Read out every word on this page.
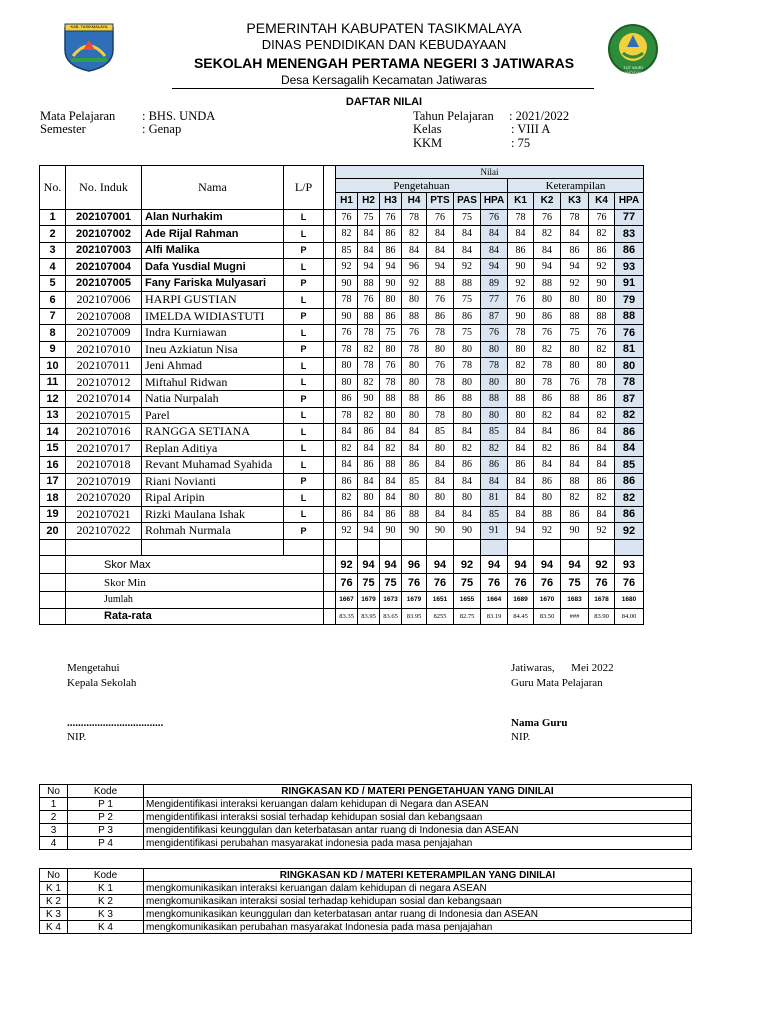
KAB. TASIKMALAYA
TUT WURI HANDAYANI
PEMERINTAH KABUPATEN TASIKMALAYA
DINAS PENDIDIKAN DAN KEBUDAYAAN
SEKOLAH MENENGAH PERTAMA NEGERI 3 JATIWARAS
Desa Kersagalih Kecamatan Jatiwaras
DAFTAR NILAI
Mata Pelajaran : BHS. UNDA
Semester	: Genap
Tahun Pelajaran : 2021/2022
Kelas	: VIII A
KKM	: 75
No.	No. Induk	Nama	L/P		Nilai											
					Pengetahuan							Keterampilan				
					H1	H2	H3	H4	PTS	PAS	HPA	K1	K2	K3	K4	HPA
1	202107001	Alan Nurhakim	L		76	75	76	78	76	75	76	78	76	78	76	77
2	202107002	Ade Rijal Rahman	L		82	84	86	82	84	84	84	84	82	84	82	83
3	202107003	Alfi Malika	P		85	84	86	84	84	84	84	86	84	86	86	86
4	202107004	Dafa Yusdial Mugni	L		92	94	94	96	94	92	94	90	94	94	92	93
5	202107005	Fany Fariska Mulyasari	P		90	88	90	92	88	88	89	92	88	92	90	91
6	202107006	HARPI GUSTIAN	L		78	76	80	80	76	75	77	76	80	80	80	79
7	202107008	IMELDA WIDIASTUTI	P		90	88	86	88	86	86	87	90	86	88	88	88
8	202107009	Indra Kurniawan	L		76	78	75	76	78	75	76	78	76	75	76	76
9	202107010	Ineu Azkiatun Nisa	P		78	82	80	78	80	80	80	80	82	80	82	81
10	202107011	Jeni Ahmad	L		80	78	76	80	76	78	78	82	78	80	80	80
11	202107012	Miftahul Ridwan	L		80	82	78	80	78	80	80	80	78	76	78	78
12	202107014	Natia Nurpalah	P		86	90	88	88	86	88	88	88	86	88	86	87
13	202107015	Parel	L		78	82	80	80	78	80	80	80	82	84	82	82
14	202107016	RANGGA SETIANA	L		84	86	84	84	85	84	85	84	84	86	84	86
15	202107017	Replan Aditiya	L		82	84	82	84	80	82	82	84	82	86	84	84
16	202107018	Revant Muhamad Syahida	L		84	86	88	86	84	86	86	86	84	84	84	85
17	202107019	Riani Novianti	P		86	84	84	85	84	84	84	84	86	88	86	86
18	202107020	Ripal Aripin	L		82	80	84	80	80	80	81	84	80	82	82	82
19	202107021	Rizki Maulana Ishak	L		86	84	86	88	84	84	85	84	88	86	84	86
20	202107022	Rohmah Nurmala	P		92	94	90	90	90	90	91	94	92	90	92	92

	Skor Max				92	94	94	96	94	92	94	94	94	94	92	93
	Skor Min				76	75	75	76	76	75	76	76	76	75	76	76
	Jumlah				1667	1679	1673	1679	1651	1655	1664	1689	1670	1683	1678	1680
	Rata-rata				83.35	83.95	83.65	83.95	8255	82.75	83.19	84.45	83.50	###	83.90	84.00
Mengetahui
Kepala Sekolah
...................................
NIP.
Jatiwaras,      Mei 2022
Guru Mata Pelajaran
Nama Guru
NIP.
No	Kode	RINGKASAN KD / MATERI PENGETAHUAN YANG DINILAI
1	P 1	Mengidentifikasi interaksi keruangan dalam kehidupan di Negara dan ASEAN
2	P 2	mengidentifikasi interaksi sosial terhadap kehidupan sosial dan kebangsaan
3	P 3	mengidentifikasi keunggulan dan keterbatasan antar ruang di Indonesia dan ASEAN
4	P 4	mengidentifikasi perubahan masyarakat indonesia pada masa penjajahan
No	Kode	RINGKASAN KD / MATERI KETERAMPILAN YANG DINILAI
K 1	K 1	mengkomunikasikan interaksi keruangan dalam kehidupan di negara ASEAN
K 2	K 2	mengkomunikasikan interaksi sosial terhadap kehidupan sosial dan kebangsaan
K 3	K 3	mengkomunikasikan keunggulan dan keterbatasan antar ruang di Indonesia dan ASEAN
K 4	K 4	mengkomunikasikan perubahan masyarakat Indonesia pada masa penjajahan
